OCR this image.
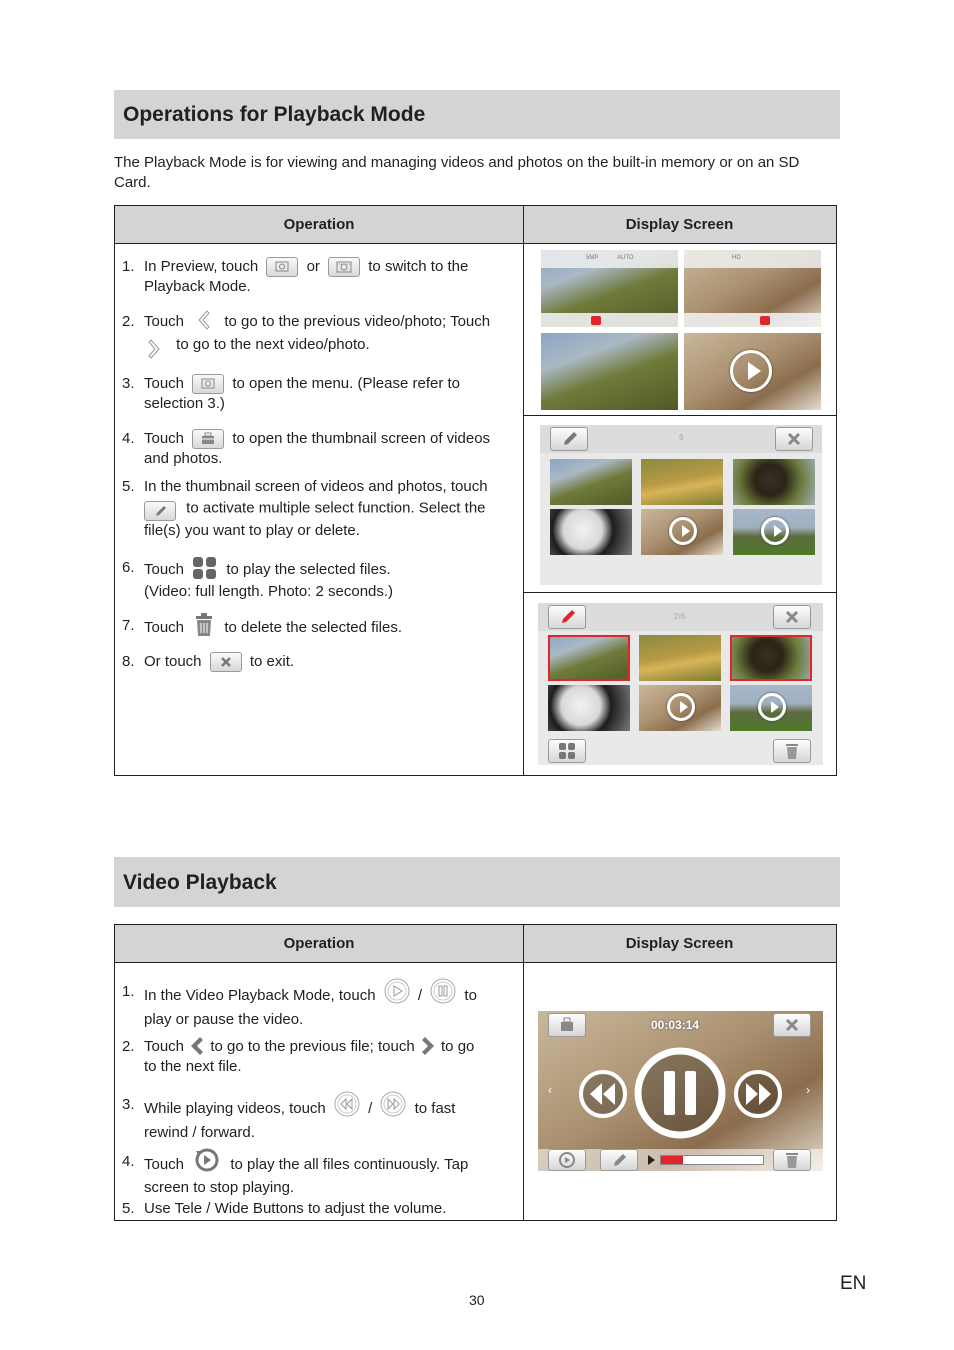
Operations for Playback Mode
The Playback Mode is for viewing and managing videos and photos on the built-in memory or on an SD Card.
Operation	Display Screen
1. In Preview, touch	or	to switch to the
Playback Mode.
2. Touch	to go to the previous video/photo; Touch
to go to the next video/photo.
3. Touch	to open the menu. (Please refer to
selection 3.)
4. Touch	to open the thumbnail screen of videos
and photos.
5. In the thumbnail screen of videos and photos, touch
to activate multiple select function. Select the
file(s) you want to play or delete.
6. Touch	to play the selected files.
(Video: full length. Photo: 2 seconds.)
7. Touch	to delete the selected files.
8. Or touch	to exit.
5MP	AUTO	HD
6
2/6
Video Playback
Operation	Display Screen
1. In the Video Playback Mode, touch	/	to
play or pause the video.
2. Touch to go to the previous file; touch to go
to the next file.
3. While playing videos, touch	/	to fast
rewind / forward.
4. Touch	to play the all files continuously. Tap
screen to stop playing.
5. Use Tele / Wide Buttons to adjust the volume.
00:03:14
‹	›
EN
30
